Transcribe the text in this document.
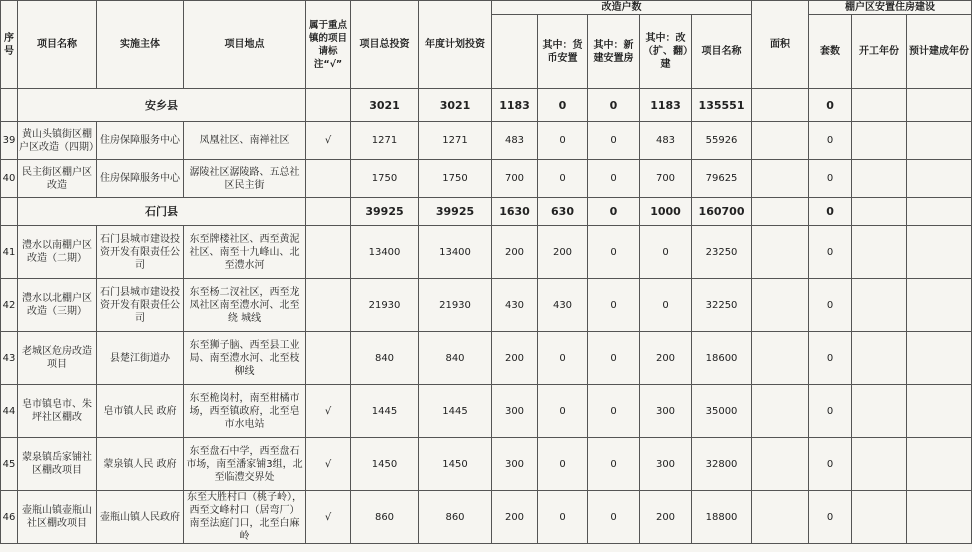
序号	项目名称	实施主体	项目地点	属于重点镇的项目请标注“√”	项目总投资	年度计划投资	改造户数					面积	棚户区安置住房建设		
								其中：货币安置	其中：新建安置房	其中：改（扩、翻）建	项目名称		套数	开工年份	预计建成年份
	安乡县				3021	3021	1183	0	0	1183	135551		0		
39	黄山头镇街区棚户区改造（四期）	住房保障服务中心	凤凰社区、南禅社区	√	1271	1271	483	0	0	483	55926		0		
40	民主街区棚户区改造	住房保障服务中心	潺陵社区潺陵路、五总社区民主街		1750	1750	700	0	0	700	79625		0		
	石门县				39925	39925	1630	630	0	1000	160700		0		
41	澧水以南棚户区改造（二期）	石门县城市建设投资开发有限责任公司	东至牌楼社区、西至黄泥社区、南至十九峰山、北至澧水河		13400	13400	200	200	0	0	23250		0		
42	澧水以北棚户区改造（三期）	石门县城市建设投资开发有限责任公司	东至杨二汊社区，西至龙凤社区南至澧水河、北至绕 城线		21930	21930	430	430	0	0	32250		0		
43	老城区危房改造项目	县楚江街道办	东至狮子脑、西至县工业局、南至澧水河、北至枝柳线		840	840	200	0	0	200	18600		0		
44	皂市镇皂市、朱坪社区棚改	皂市镇人民 政府	东至桅岗村，南至柑橘市场，西至镇政府，北至皂市水电站	√	1445	1445	300	0	0	300	35000		0		
45	蒙泉镇岳家铺社区棚改项目	蒙泉镇人民 政府	东至盘石中学，西至盘石市场，南至潘家铺3组，北至临澧交界处	√	1450	1450	300	0	0	300	32800		0		
46	壶瓶山镇壶瓶山社区棚改项目	壶瓶山镇人民政府	东至大胜村口（桃子岭），西至文峰村口（居弯厂）南至法庭门口，北至白麻岭	√	860	860	200	0	0	200	18800		0		
